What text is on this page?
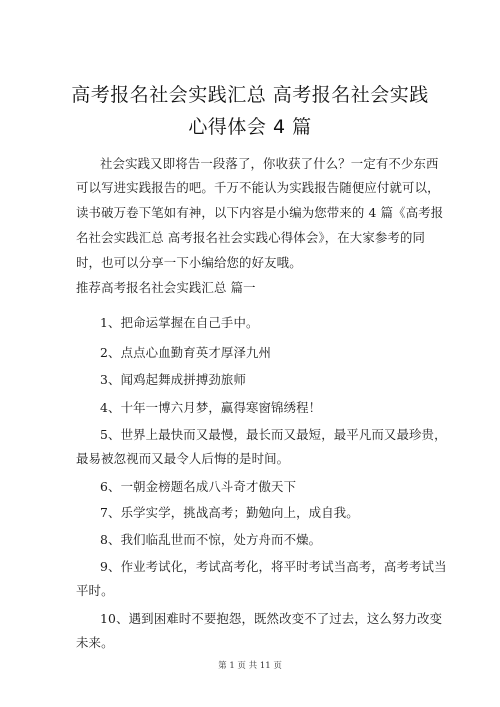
高考报名社会实践汇总 高考报名社会实践
心得体会 4 篇
社会实践又即将告一段落了，你收获了什么？一定有不少东西
可以写进实践报告的吧。千万不能认为实践报告随便应付就可以，
读书破万卷下笔如有神，以下内容是小编为您带来的 4 篇《高考报
名社会实践汇总 高考报名社会实践心得体会》，在大家参考的同
时，也可以分享一下小编给您的好友哦。
推荐高考报名社会实践汇总 篇一
1、把命运掌握在自己手中。
2、点点心血勤育英才厚泽九州
3、闻鸡起舞成拼搏劲旅师
4、十年一博六月梦，赢得寒窗锦绣程！
5、世界上最快而又最慢，最长而又最短，最平凡而又最珍贵，
最易被忽视而又最令人后悔的是时间。
6、一朝金榜题名成八斗奇才傲天下
7、乐学实学，挑战高考；勤勉向上，成自我。
8、我们临乱世而不惊，处方舟而不燥。
9、作业考试化，考试高考化，将平时考试当高考，高考考试当
平时。
10、遇到困难时不要抱怨，既然改变不了过去，这么努力改变
未来。
第 1 页 共 11 页
